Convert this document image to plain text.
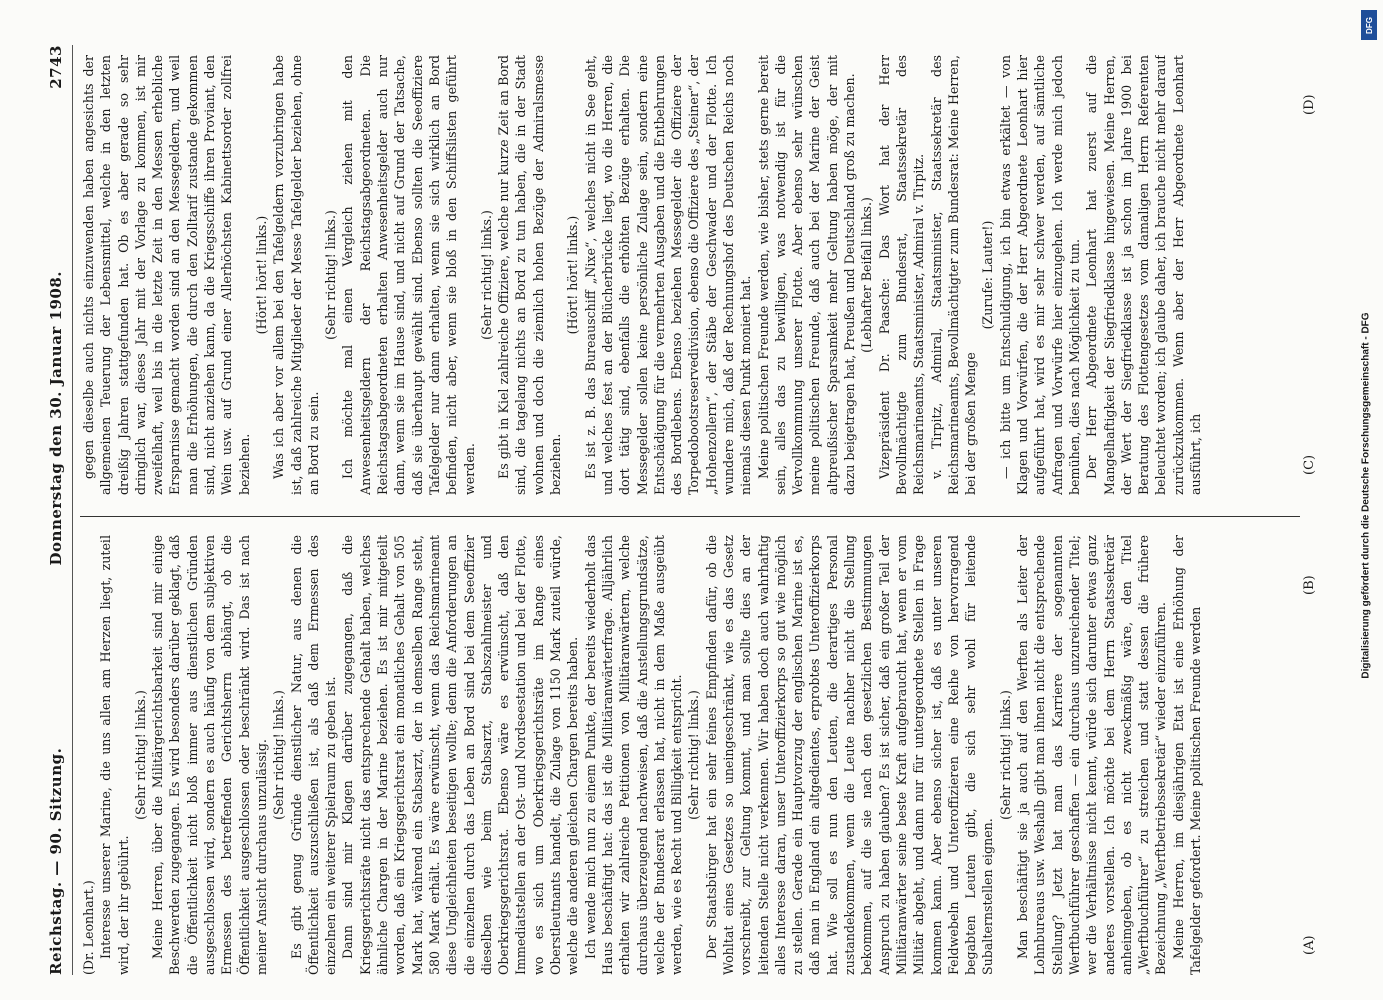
Reichstag. — 90. Sitzung.
Donnerstag den 30. Januar 1908.
2743

(Dr. Leonhart.) Interesse unserer Marine, die uns allen am Herzen liegt, zuteil wird, der ihr gebührt.

(Sehr richtig! links.) Meine Herren, über die Militärgerichtsbarkeit sind mir einige Beschwerden zugegangen. Es wird besonders darüber geklagt, daß die Öffentlichkeit nicht bloß immer aus dienstlichen Gründen ausgeschlossen wird, sondern es auch häufig von dem subjektiven Ermessen des betreffenden Gerichtsherrn abhängt, ob die Öffentlichkeit ausgeschlossen oder beschränkt wird. Das ist nach meiner Ansicht durchaus unzulässig. (Sehr richtig! links.) Es gibt genug Gründe dienstlicher Natur, aus denen die Öffentlichkeit auszuschließen ist, als daß dem Ermessen des einzelnen ein weiterer Spielraum zu geben ist. Dann sind mir Klagen darüber zugegangen, daß die Kriegsgerichtsräte nicht das entsprechende Gehalt haben, welches ähnliche Chargen in der Marine beziehen. Es ist mir mitgeteilt worden, daß ein Kriegsgerichtsrat ein monatliches Gehalt von 505 Mark hat, während ein Stabsarzt, der in demselben Range steht, 580 Mark erhält. Es wäre erwünscht, wenn das Reichsmarineamt diese Ungleichheiten beseitigen wollte; denn die Anforderungen an die einzelnen durch das Leben an Bord sind bei dem Seeoffizier dieselben wie beim Stabsarzt, Stabszahlmeister und Oberkriegsgerichtsrat. Ebenso wäre es erwünscht, daß den Immediatstellen an der Ost- und Nordseestation und bei der Flotte, wo es sich um Oberkriegsgerichtsräte im Range eines Oberstleutnants handelt, die Zulage von 1150 Mark zuteil würde, welche die anderen gleichen Chargen bereits haben. Ich wende mich nun zu einem Punkte, der bereits wiederholt das Haus beschäftigt hat: das ist die Militäranwärterfrage. Alljährlich erhalten wir zahlreiche Petitionen von Militäranwärtern, welche durchaus überzeugend nachweisen, daß die Anstellungsgrundsätze, welche der Bundesrat erlassen hat, nicht in dem Maße ausgeübt werden, wie es Recht und Billigkeit entspricht. (Sehr richtig! links.) Der Staatsbürger hat ein sehr feines Empfinden dafür, ob die Wohltat eines Gesetzes so uneingeschränkt, wie es das Gesetz vorschreibt, zur Geltung kommt, und man sollte dies an der leitenden Stelle nicht verkennen. Wir haben doch auch wahrhaftig alles Interesse daran, unser Unteroffizierkorps so gut wie möglich zu stellen. Gerade ein Hauptvorzug der englischen Marine ist es, daß man in England ein altgedientes, erprobtes Unteroffizierkorps hat. Wie soll es nun den Leuten, die derartiges Personal zustandekommen, wenn die Leute nachher nicht die Stellung bekommen, auf die sie nach den gesetzlichen Bestimmungen Anspruch zu haben glauben? Es ist sicher, daß ein großer Teil der Militäranwärter seine beste Kraft aufgebraucht hat, wenn er vom Militär abgeht, und dann nur für untergeordnete Stellen in Frage kommen kann. Aber ebenso sicher ist, daß es unter unseren Feldwebeln und Unteroffizieren eine Reihe von hervorragend begabten Leuten gibt, die sich sehr wohl für leitende Subalternstellen eignen.

(Sehr richtig! links.) Man beschäftigt sie ja auch auf den Werften als Leiter der Lohnbureaus usw. Weshalb gibt man ihnen nicht die entsprechende Stellung? Jetzt hat man das Karriere der sogenannten Werftbuchführer geschaffen — ein durchaus unzureichender Titel; wer die Verhältnisse nicht kennt, würde sich darunter etwas ganz anderes vorstellen. Ich möchte bei dem Herrn Staatssekretär anheimgeben, ob es nicht zweckmäßig wäre, den Titel „Werftbuchführer“ zu streichen und statt dessen die frühere Bezeichnung „Werftbetriebssekretär“ wieder einzuführen. Meine Herren, im diesjährigen Etat ist eine Erhöhung der Tafelgelder gefordert. Meine politischen Freunde werden

gegen dieselbe auch nichts einzuwenden haben angesichts der allgemeinen Teuerung der Lebensmittel, welche in den letzten dreißig Jahren stattgefunden hat. Ob es aber gerade so sehr dringlich war, dieses Jahr mit der Vorlage zu kommen, ist mir zweifelhaft, weil bis in die letzte Zeit in den Messen erhebliche Ersparnisse gemacht worden sind an den Messegeldern, und weil man die Erhöhungen, die durch den Zolltarif zustande gekommen sind, nicht anziehen kann, da die Kriegsschiffe ihren Proviant, den Wein usw. auf Grund einer Allerhöchsten Kabinettsorder zollfrei beziehen.

(Hört! hört! links.) Was ich aber vor allem bei den Tafelgeldern vorzubringen habe ist, daß zahlreiche Mitglieder der Messe Tafelgelder beziehen, ohne an Bord zu sein.

(Sehr richtig! links.) Ich möchte mal einen Vergleich ziehen mit den Anwesenheitsgeldern der Reichstagsabgeordneten. Die Reichstagsabgeordneten erhalten Anwesenheitsgelder auch nur dann, wenn sie im Hause sind, und nicht auf Grund der Tatsache, daß sie überhaupt gewählt sind. Ebenso sollten die Seeoffiziere Tafelgelder nur dann erhalten, wenn sie sich wirklich an Bord befinden, nicht aber, wenn sie bloß in den Schiffslisten geführt werden.

(Sehr richtig! links.) Es gibt in Kiel zahlreiche Offiziere, welche nur kurze Zeit an Bord sind, die tagelang nichts an Bord zu tun haben, die in der Stadt wohnen und doch die ziemlich hohen Bezüge der Admiralsmesse beziehen.

(Hört! hört! links.) Es ist z. B. das Bureauschiff „Nixe“, welches nicht in See geht, und welches fest an der Blücherbrücke liegt, wo die Herren, die dort tätig sind, ebenfalls die erhöhten Bezüge erhalten. Die Messegelder sollen keine persönliche Zulage sein, sondern eine Entschädigung für die vermehrten Ausgaben und die Entbehrungen des Bordlebens. Ebenso beziehen Messegelder die Offiziere der Torpedobootsreservedivision, ebenso die Offiziere des „Steiner“, der „Hohenzollern“, der Stäbe der Geschwader und der Flotte. Ich wundere mich, daß der Rechnungshof des Deutschen Reichs noch niemals diesen Punkt moniert hat. Meine politischen Freunde werden, wie bisher, stets gerne bereit sein, alles das zu bewilligen, was notwendig ist für die Vervollkommnung unserer Flotte. Aber ebenso sehr wünschen meine politischen Freunde, daß auch bei der Marine der Geist altpreußischer Sparsamkeit mehr Geltung haben möge, der mit dazu beigetragen hat, Preußen und Deutschland groß zu machen. (Lebhafter Beifall links.) Vizepräsident Dr. Paasche: Das Wort hat der Herr Bevollmächtigte zum Bundesrat, Staatssekretär des Reichsmarineamts, Staatsminister, Admiral v. Tirpitz. v. Tirpitz, Admiral, Staatsminister, Staatssekretär des Reichsmarineamts, Bevollmächtigter zum Bundesrat: Meine Herren, bei der großen Menge

(Zurufe: Lauter!) — ich bitte um Entschuldigung, ich bin etwas erkältet — von Klagen und Vorwürfen, die der Herr Abgeordnete Leonhart hier aufgeführt hat, wird es mir sehr schwer werden, auf sämtliche Anfragen und Vorwürfe hier einzugehen. Ich werde mich jedoch bemühen, dies nach Möglichkeit zu tun. Der Herr Abgeordnete Leonhart hat zuerst auf die Mangelhaftigkeit der Siegfriedklasse hingewiesen. Meine Herren, der Wert der Siegfriedklasse ist ja schon im Jahre 1900 bei Beratung des Flottengesetzes vom damaligen Herrn Referenten beleuchtet worden; ich glaube daher, ich brauche nicht mehr darauf zurückzukommen. Wenn aber der Herr Abgeordnete Leonhart ausführt, ich

(A)
(B)
(C)
(D)
DFG
Digitalisierung gefördert durch die Deutsche Forschungsgemeinschaft - DFG
